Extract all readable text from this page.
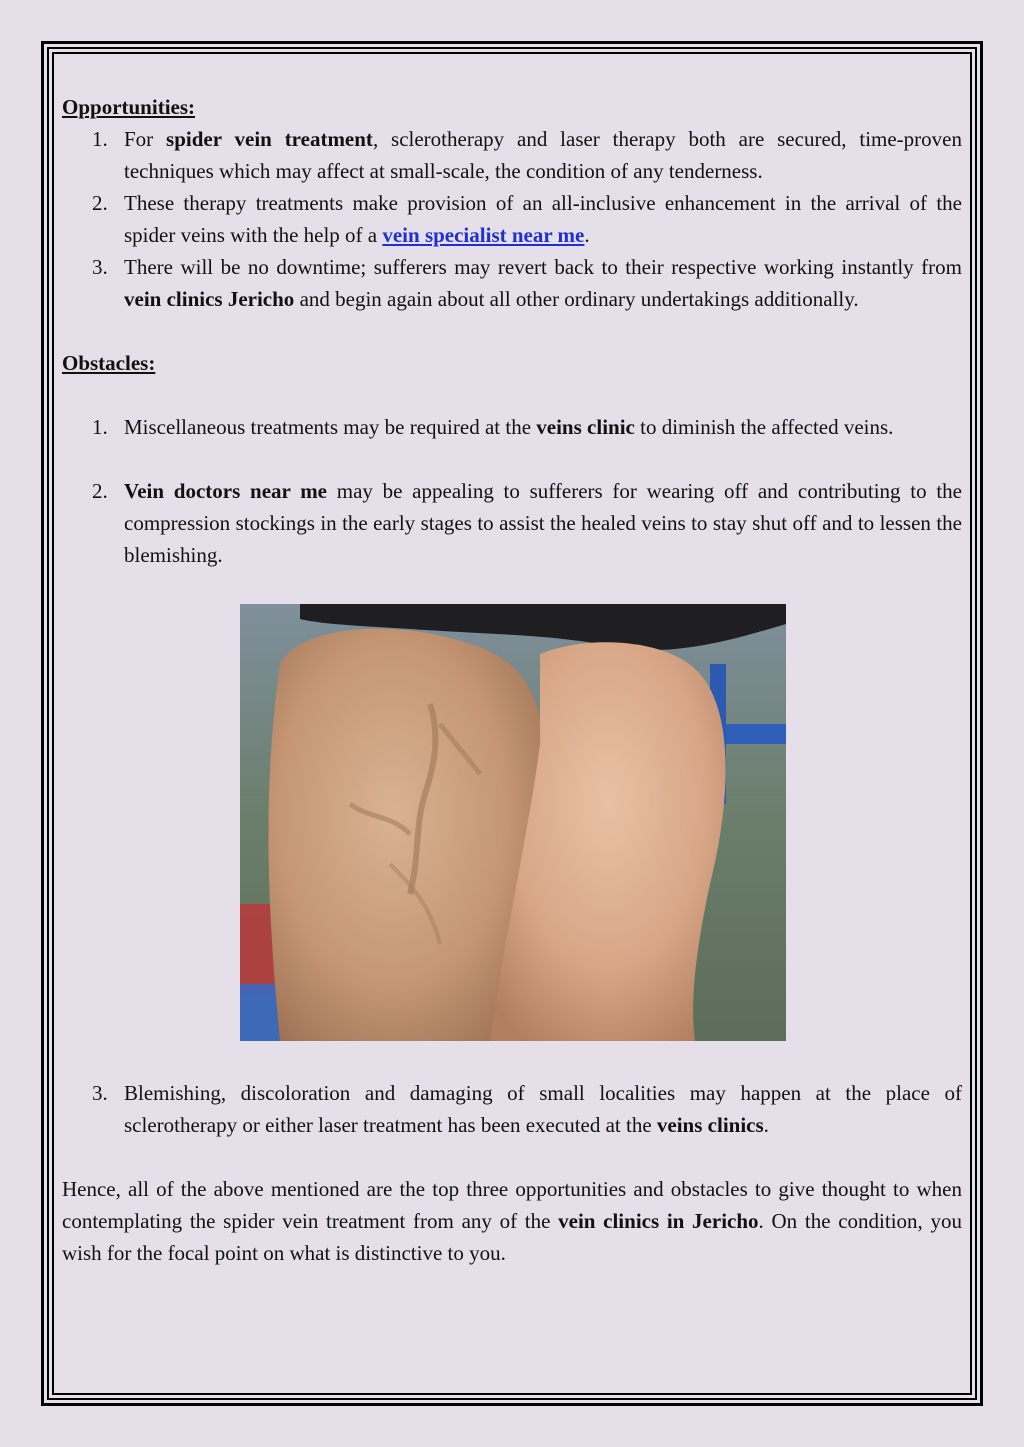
Opportunities:

1. For spider vein treatment, sclerotherapy and laser therapy both are secured, time-proven techniques which may affect at small-scale, the condition of any tenderness.
2. These therapy treatments make provision of an all-inclusive enhancement in the arrival of the spider veins with the help of a vein specialist near me.
3. There will be no downtime; sufferers may revert back to their respective working instantly from vein clinics Jericho and begin again about all other ordinary undertakings additionally.

Obstacles:

1. Miscellaneous treatments may be required at the veins clinic to diminish the affected veins.
2. Vein doctors near me may be appealing to sufferers for wearing off and contributing to the compression stockings in the early stages to assist the healed veins to stay shut off and to lessen the blemishing.
3. Blemishing, discoloration and damaging of small localities may happen at the place of sclerotherapy or either laser treatment has been executed at the veins clinics.

Hence, all of the above mentioned are the top three opportunities and obstacles to give thought to when contemplating the spider vein treatment from any of the vein clinics in Jericho. On the condition, you wish for the focal point on what is distinctive to you.
